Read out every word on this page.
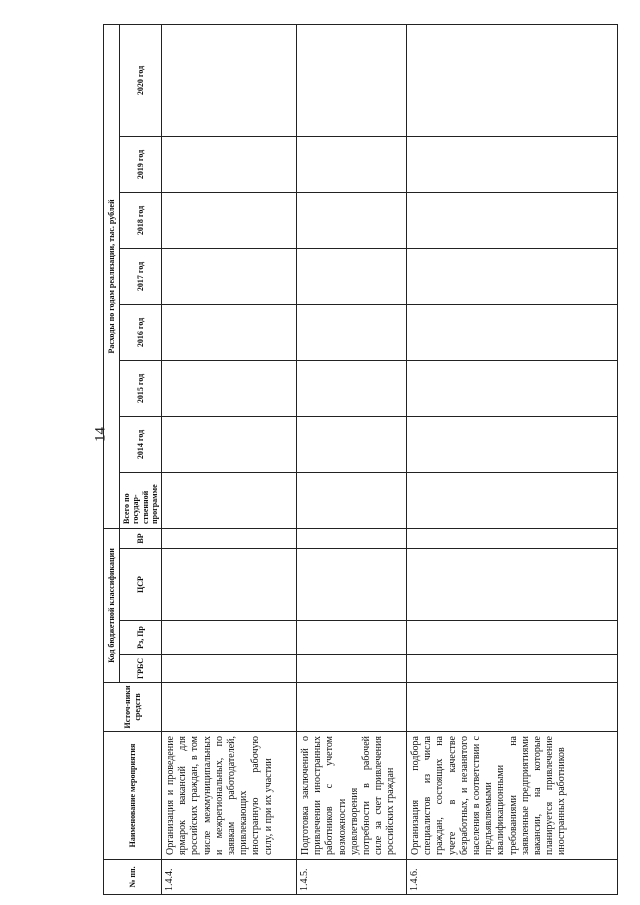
14
№ пп.	Наименование мероприятия	Источ-ники средств	Код бюджетной классификации				Расходы по годам реализации, тыс. рублей							
			ГРБС	Рз, Пр	ЦСР	ВР	Всего по государ-ственной программе	2014 год	2015 год	2016 год	2017 год	2018 год	2019 год	2020 год
1.4.4.	Организация и проведение ярмарок вакансий для российских граждан, в том числе межмуниципальных и межрегиональных, по заявкам работодателей, привлекающих иностранную рабочую силу, и при их участии													
1.4.5.	Подготовка заключений о привлечении иностранных работников с учетом возможности удовлетворения потребности в рабочей силе за счет привлечения российских граждан													
1.4.6.	Организация подбора специалистов из числа граждан, состоящих на учете в качестве безработных, и незанятого населения в соответствии с предъявляемыми квалификационными требованиями на заявленные предприятиями вакансии, на которые планируется привлечение иностранных работников													
